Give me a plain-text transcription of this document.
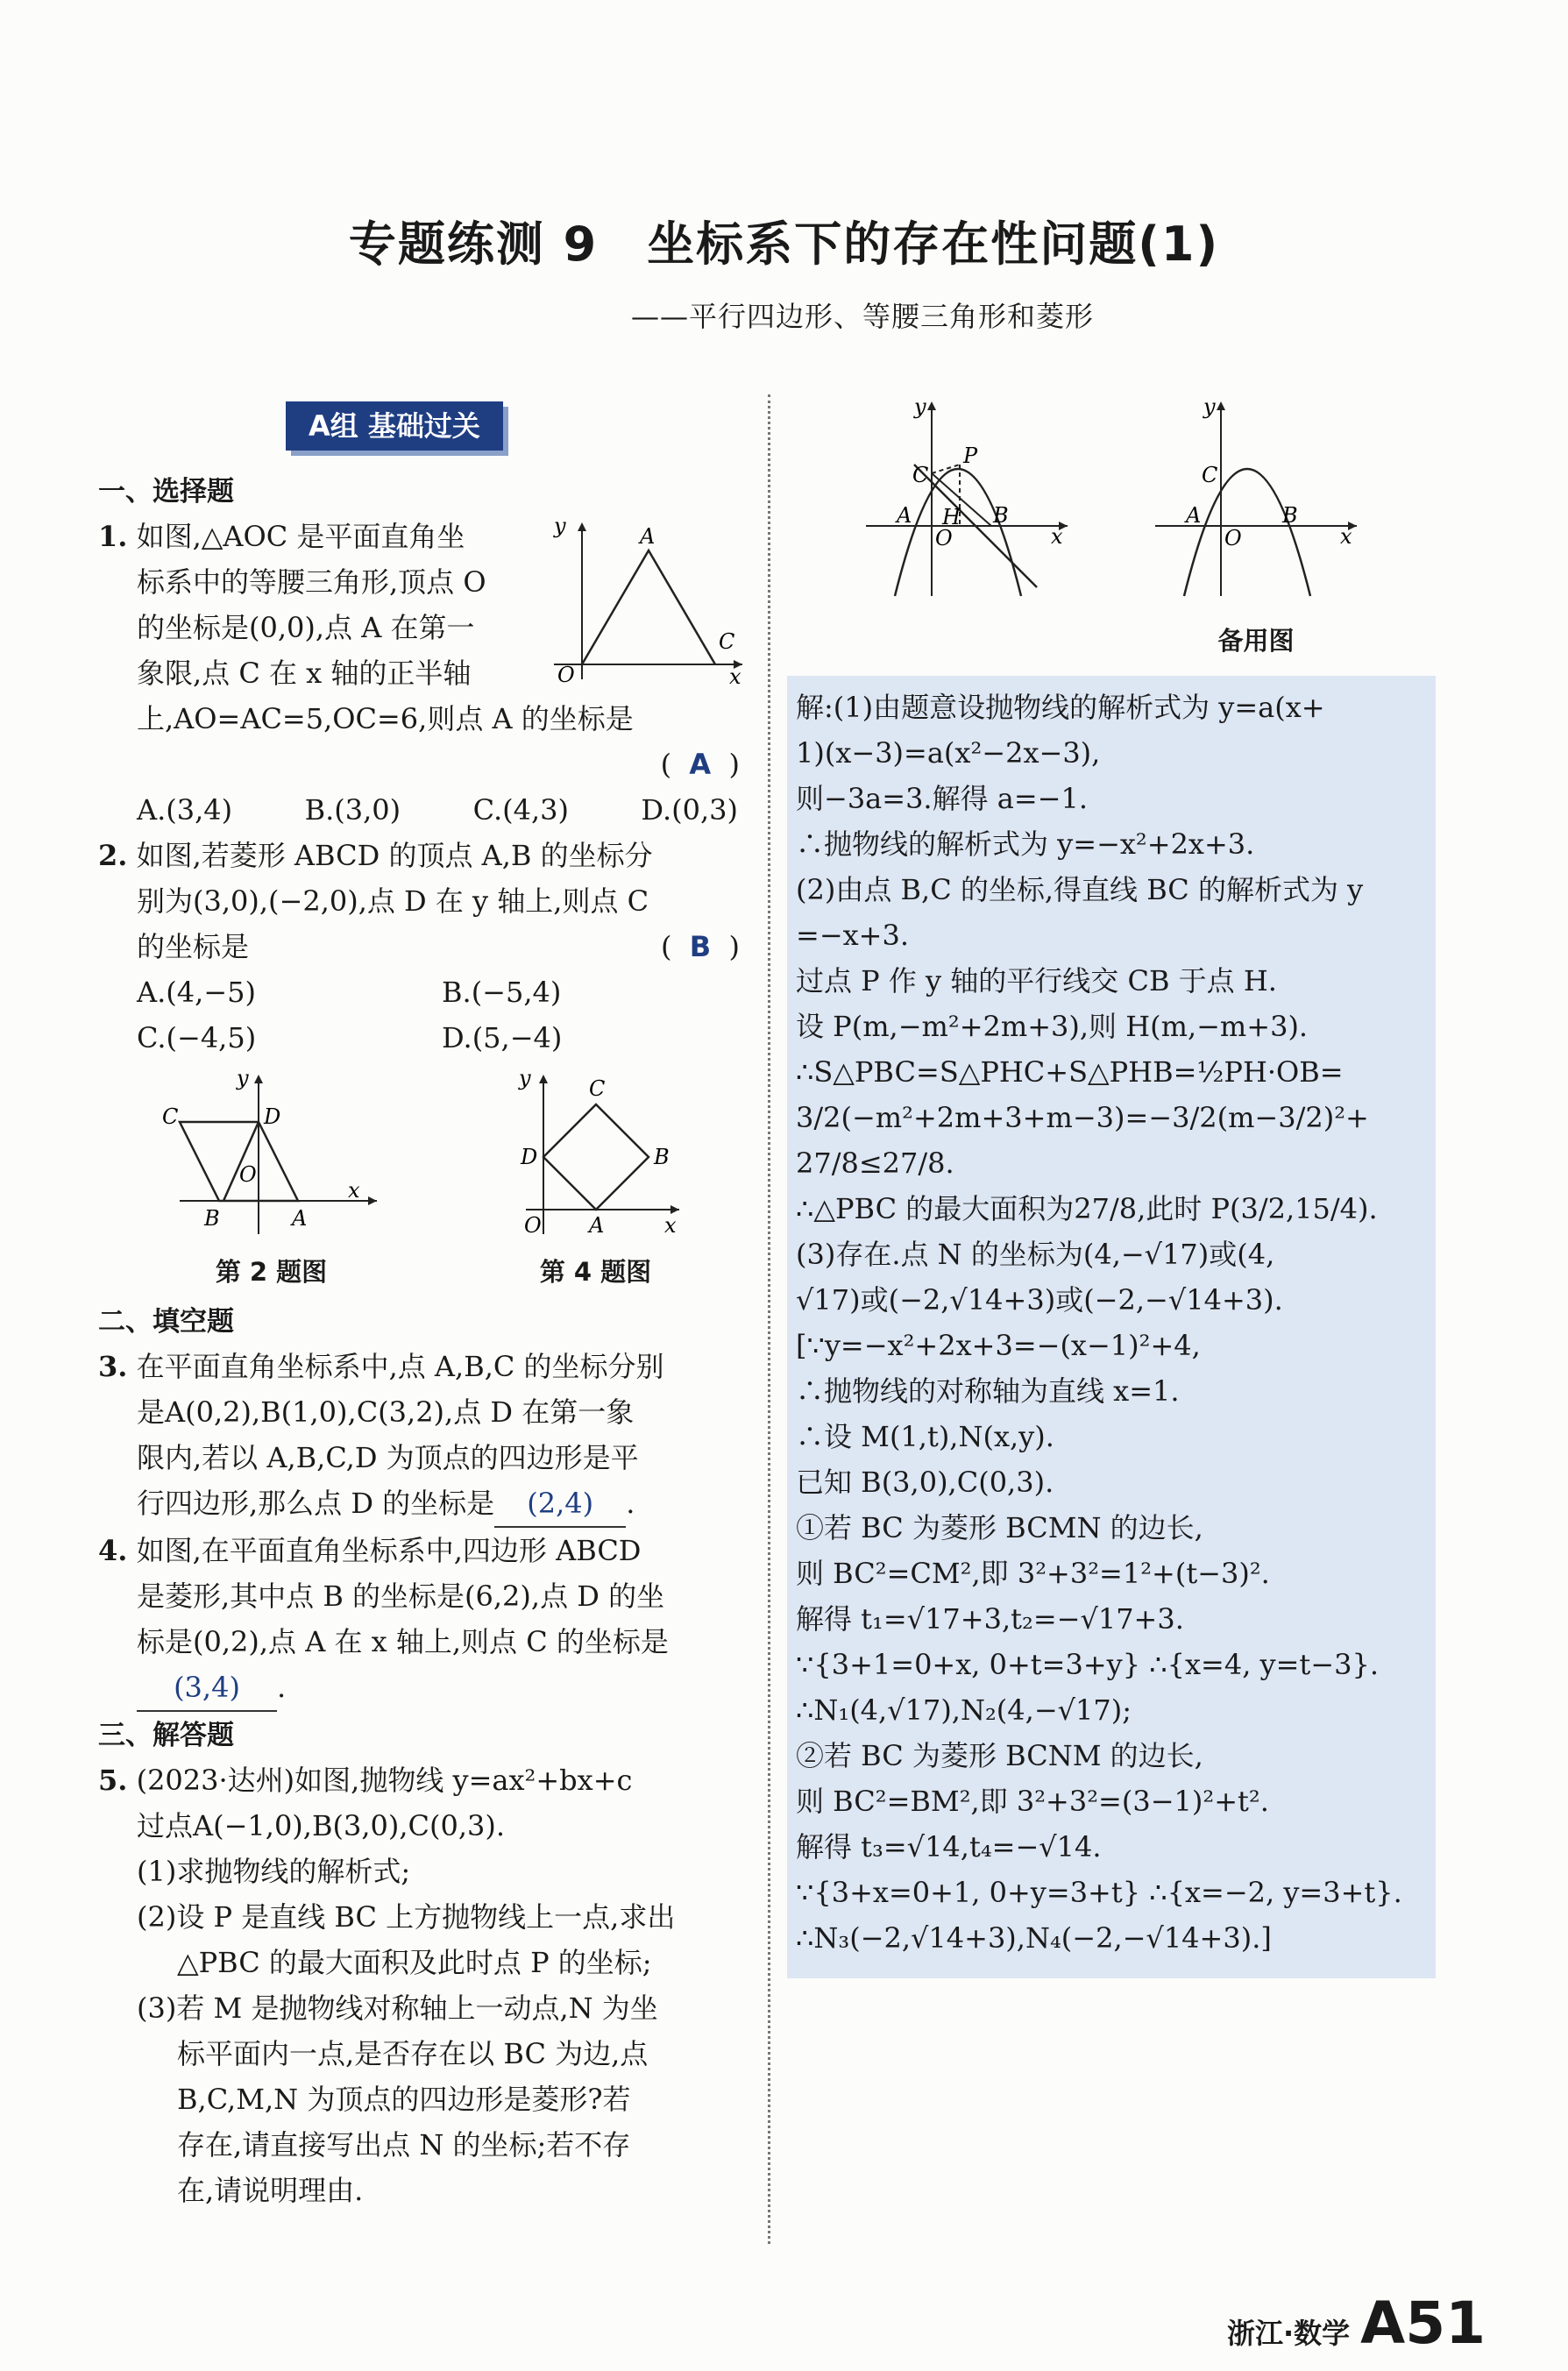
专题练测 9　坐标系下的存在性问题(1)
——平行四边形、等腰三角形和菱形
A组 基础过关
一、选择题
y	A
C
x
O
1. 如图,△AOC 是平面直角坐
标系中的等腰三角形,顶点 O
的坐标是(0,0),点 A 在第一
象限,点 C 在 x 轴的正半轴
上,AO=AC=5,OC=6,则点 A 的坐标是
(  A  )
A.(3,4)	B.(3,0)	C.(4,3)	D.(0,3)
2. 如图,若菱形 ABCD 的顶点 A,B 的坐标分
别为(3,0),(−2,0),点 D 在 y 轴上,则点 C
的坐标是	(  B  )
A.(4,−5)	B.(−5,4)
C.(−4,5)	D.(5,−4)
y
C	D
O
B	A
x
第 2 题图
y	C
D	B
A
O	x
第 4 题图
二、填空题
3. 在平面直角坐标系中,点 A,B,C 的坐标分别
是A(0,2),B(1,0),C(3,2),点 D 在第一象
限内,若以 A,B,C,D 为顶点的四边形是平
行四边形,那么点 D 的坐标是 (2,4) .
4. 如图,在平面直角坐标系中,四边形 ABCD
是菱形,其中点 B 的坐标是(6,2),点 D 的坐
标是(0,2),点 A 在 x 轴上,则点 C 的坐标是
(3,4) .
三、解答题
5. (2023·达州)如图,抛物线 y=ax²+bx+c
过点A(−1,0),B(3,0),C(0,3).
(1)求抛物线的解析式;
(2)设 P 是直线 BC 上方抛物线上一点,求出
△PBC 的最大面积及此时点 P 的坐标;
(3)若 M 是抛物线对称轴上一动点,N 为坐
标平面内一点,是否存在以 BC 为边,点
B,C,M,N 为顶点的四边形是菱形?若
存在,请直接写出点 N 的坐标;若不存
在,请说明理由.
y
C
P
H B
A
O	x
y
C
B
A
O	x
备用图

解:(1)由题意设抛物线的解析式为 y=a(x+

1)(x−3)=a(x²−2x−3),

则−3a=3.解得 a=−1.

∴抛物线的解析式为 y=−x²+2x+3.

(2)由点 B,C 的坐标,得直线 BC 的解析式为 y

=−x+3.

过点 P 作 y 轴的平行线交 CB 于点 H.

设 P(m,−m²+2m+3),则 H(m,−m+3).

∴S△PBC=S△PHC+S△PHB=½PH·OB=

3/2(−m²+2m+3+m−3)=−3/2(m−3/2)²+

27/8≤27/8.

∴△PBC 的最大面积为27/8,此时 P(3/2,15/4).

(3)存在.点 N 的坐标为(4,−√17)或(4,

√17)或(−2,√14+3)或(−2,−√14+3).

[∵y=−x²+2x+3=−(x−1)²+4,

∴抛物线的对称轴为直线 x=1.

∴设 M(1,t),N(x,y).

已知 B(3,0),C(0,3).

①若 BC 为菱形 BCMN 的边长,

则 BC²=CM²,即 3²+3²=1²+(t−3)².

解得 t₁=√17+3,t₂=−√17+3.

∵{3+1=0+x, 0+t=3+y} ∴{x=4, y=t−3}.

∴N₁(4,√17),N₂(4,−√17);

②若 BC 为菱形 BCNM 的边长,

则 BC²=BM²,即 3²+3²=(3−1)²+t².

解得 t₃=√14,t₄=−√14.

∵{3+x=0+1, 0+y=3+t} ∴{x=−2, y=3+t}.

∴N₃(−2,√14+3),N₄(−2,−√14+3).]

浙江·数学 A51
